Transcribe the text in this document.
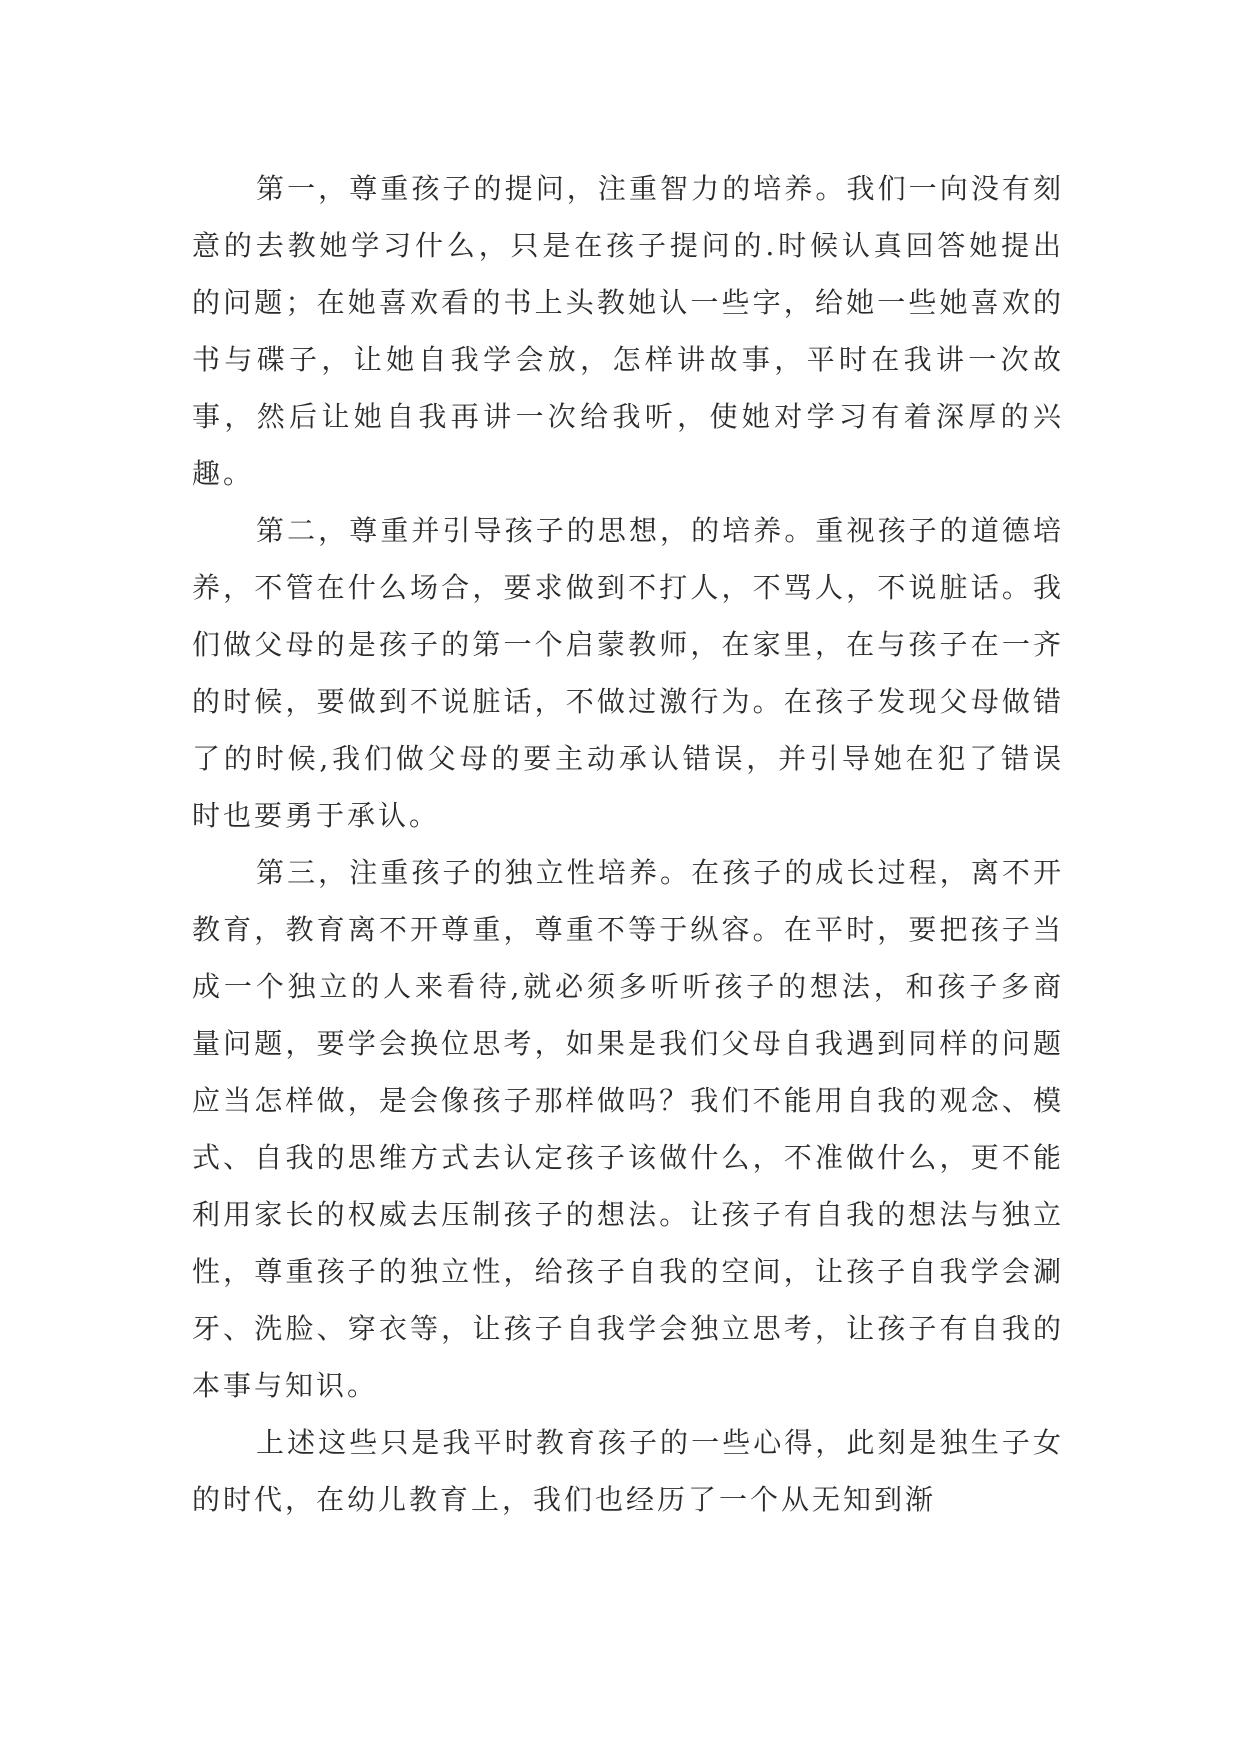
第一，尊重孩子的提问，注重智力的培养。我们一向没有刻意的去教她学习什么，只是在孩子提问的.时候认真回答她提出的问题；在她喜欢看的书上头教她认一些字，给她一些她喜欢的书与碟子，让她自我学会放，怎样讲故事，平时在我讲一次故事，然后让她自我再讲一次给我听，使她对学习有着深厚的兴趣。

第二，尊重并引导孩子的思想，的培养。重视孩子的道德培养，不管在什么场合，要求做到不打人，不骂人，不说脏话。我们做父母的是孩子的第一个启蒙教师，在家里，在与孩子在一齐的时候，要做到不说脏话，不做过激行为。在孩子发现父母做错了的时候,我们做父母的要主动承认错误，并引导她在犯了错误时也要勇于承认。

第三，注重孩子的独立性培养。在孩子的成长过程，离不开教育，教育离不开尊重，尊重不等于纵容。在平时，要把孩子当成一个独立的人来看待,就必须多听听孩子的想法，和孩子多商量问题，要学会换位思考，如果是我们父母自我遇到同样的问题应当怎样做，是会像孩子那样做吗？我们不能用自我的观念、模式、自我的思维方式去认定孩子该做什么，不准做什么，更不能利用家长的权威去压制孩子的想法。让孩子有自我的想法与独立性，尊重孩子的独立性，给孩子自我的空间，让孩子自我学会涮牙、洗脸、穿衣等，让孩子自我学会独立思考，让孩子有自我的本事与知识。

上述这些只是我平时教育孩子的一些心得，此刻是独生子女的时代，在幼儿教育上，我们也经历了一个从无知到渐
